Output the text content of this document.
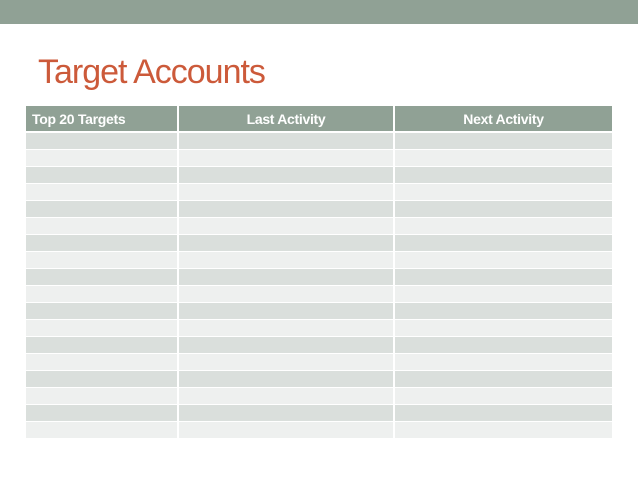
Target Accounts
Top 20 Targets	Last Activity	Next Activity
